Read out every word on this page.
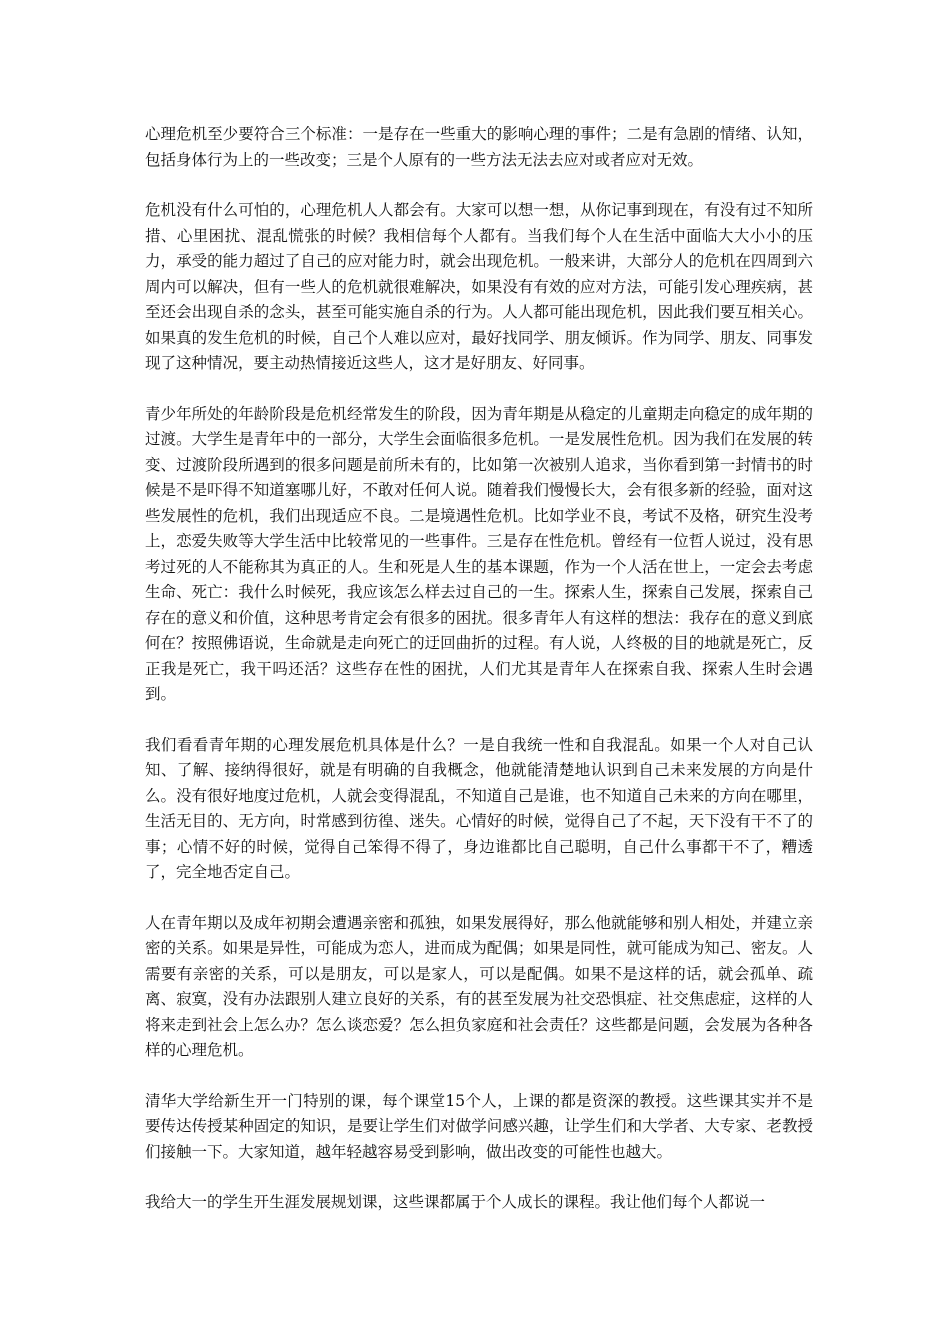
心理危机至少要符合三个标准：一是存在一些重大的影响心理的事件；二是有急剧的情绪、认知，包括身体行为上的一些改变；三是个人原有的一些方法无法去应对或者应对无效。

危机没有什么可怕的，心理危机人人都会有。大家可以想一想，从你记事到现在，有没有过不知所措、心里困扰、混乱慌张的时候？我相信每个人都有。当我们每个人在生活中面临大大小小的压力，承受的能力超过了自己的应对能力时，就会出现危机。一般来讲，大部分人的危机在四周到六周内可以解决，但有一些人的危机就很难解决，如果没有有效的应对方法，可能引发心理疾病，甚至还会出现自杀的念头，甚至可能实施自杀的行为。人人都可能出现危机，因此我们要互相关心。如果真的发生危机的时候，自己个人难以应对，最好找同学、朋友倾诉。作为同学、朋友、同事发现了这种情况，要主动热情接近这些人，这才是好朋友、好同事。

青少年所处的年龄阶段是危机经常发生的阶段，因为青年期是从稳定的儿童期走向稳定的成年期的过渡。大学生是青年中的一部分，大学生会面临很多危机。一是发展性危机。因为我们在发展的转变、过渡阶段所遇到的很多问题是前所未有的，比如第一次被别人追求，当你看到第一封情书的时候是不是吓得不知道塞哪儿好，不敢对任何人说。随着我们慢慢长大，会有很多新的经验，面对这些发展性的危机，我们出现适应不良。二是境遇性危机。比如学业不良，考试不及格，研究生没考上，恋爱失败等大学生活中比较常见的一些事件。三是存在性危机。曾经有一位哲人说过，没有思考过死的人不能称其为真正的人。生和死是人生的基本课题，作为一个人活在世上，一定会去考虑生命、死亡：我什么时候死，我应该怎么样去过自己的一生。探索人生，探索自己发展，探索自己存在的意义和价值，这种思考肯定会有很多的困扰。很多青年人有这样的想法：我存在的意义到底何在？按照佛语说，生命就是走向死亡的迂回曲折的过程。有人说，人终极的目的地就是死亡，反正我是死亡，我干吗还活？这些存在性的困扰，人们尤其是青年人在探索自我、探索人生时会遇到。

我们看看青年期的心理发展危机具体是什么？一是自我统一性和自我混乱。如果一个人对自己认知、了解、接纳得很好，就是有明确的自我概念，他就能清楚地认识到自己未来发展的方向是什么。没有很好地度过危机，人就会变得混乱，不知道自己是谁，也不知道自己未来的方向在哪里，生活无目的、无方向，时常感到彷徨、迷失。心情好的时候，觉得自己了不起，天下没有干不了的事；心情不好的时候，觉得自己笨得不得了，身边谁都比自己聪明，自己什么事都干不了，糟透了，完全地否定自己。

人在青年期以及成年初期会遭遇亲密和孤独，如果发展得好，那么他就能够和别人相处，并建立亲密的关系。如果是异性，可能成为恋人，进而成为配偶；如果是同性，就可能成为知己、密友。人需要有亲密的关系，可以是朋友，可以是家人，可以是配偶。如果不是这样的话，就会孤单、疏离、寂寞，没有办法跟别人建立良好的关系，有的甚至发展为社交恐惧症、社交焦虑症，这样的人将来走到社会上怎么办？怎么谈恋爱？怎么担负家庭和社会责任？这些都是问题，会发展为各种各样的心理危机。

清华大学给新生开一门特别的课，每个课堂15个人，上课的都是资深的教授。这些课其实并不是要传达传授某种固定的知识，是要让学生们对做学问感兴趣，让学生们和大学者、大专家、老教授们接触一下。大家知道，越年轻越容易受到影响，做出改变的可能性也越大。

我给大一的学生开生涯发展规划课，这些课都属于个人成长的课程。我让他们每个人都说一
